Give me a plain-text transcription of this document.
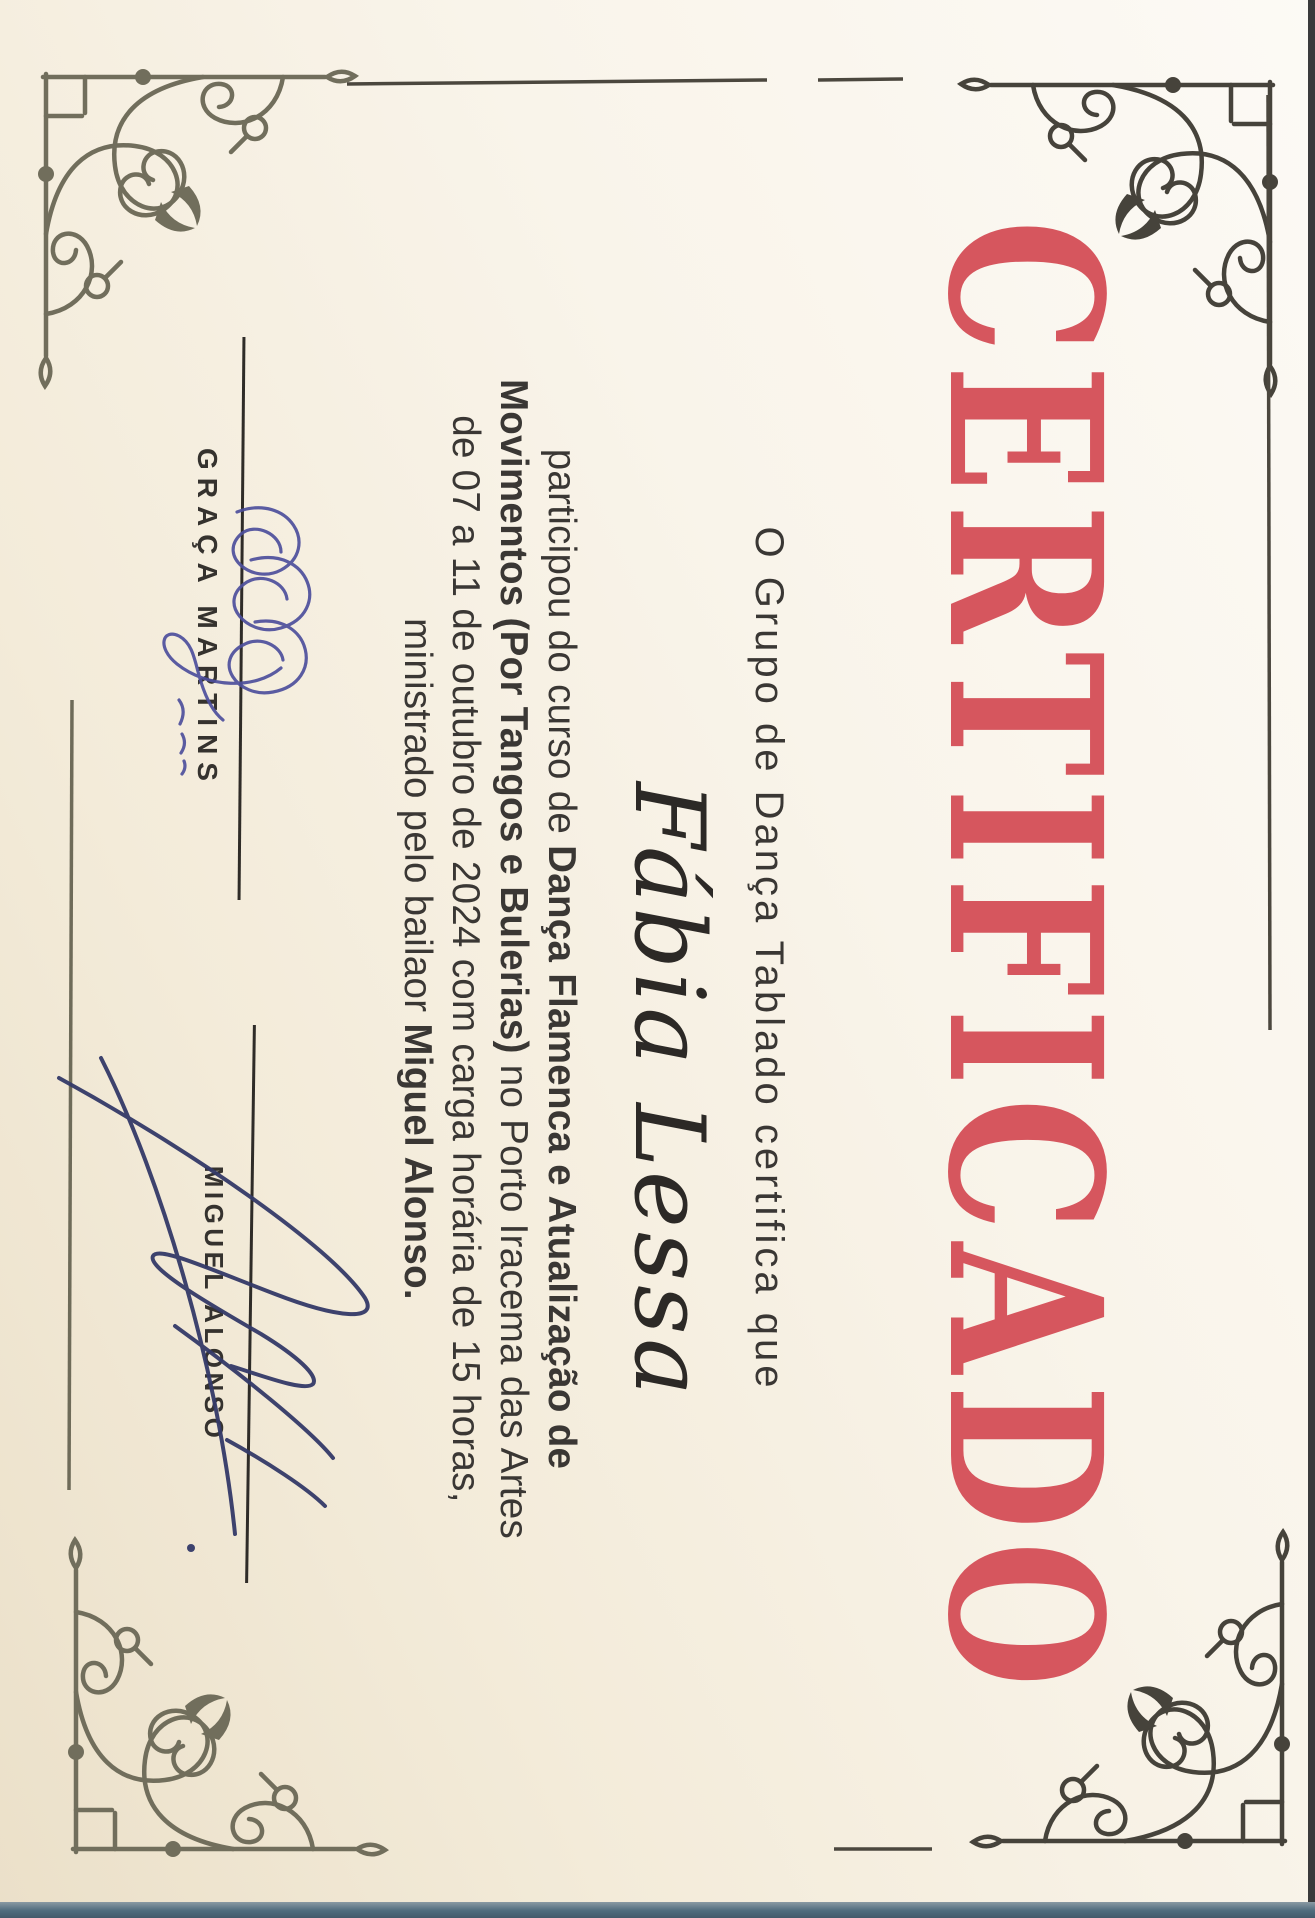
CERTIFICADO
O Grupo de Dança Tablado certifica que
Fábia Lessa
participou do curso de Dança Flamenca e Atualização de
Movimentos (Por Tangos e Bulerias) no Porto Iracema das Artes
de 07 a 11 de outubro de 2024 com carga horária de 15 horas,
ministrado pelo bailaor Miguel Alonso.
GRAÇA MARTINS
MIGUEL ALONSO
